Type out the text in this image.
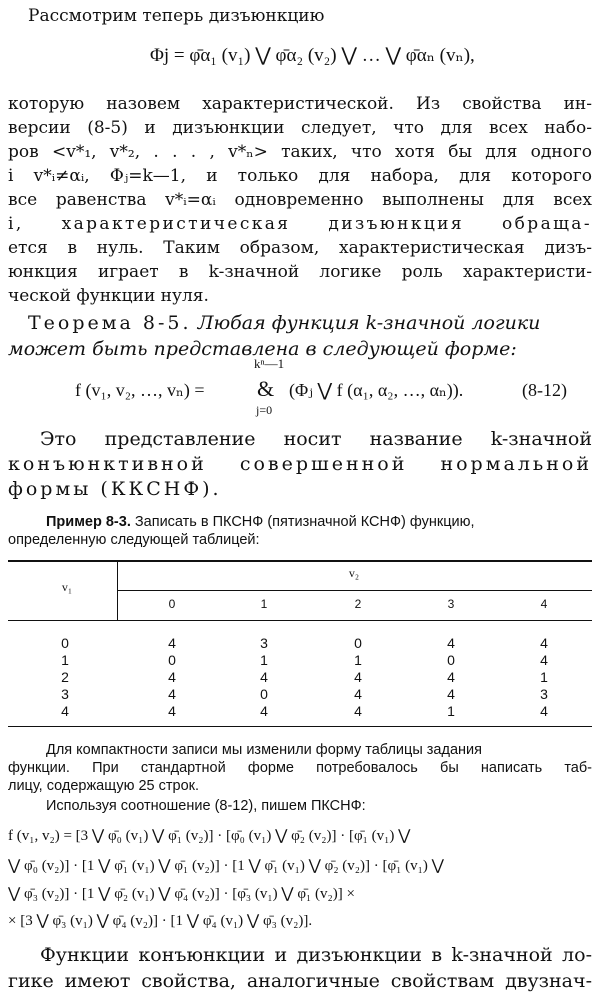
Рассмотрим теперь дизъюнкцию
Φj = φ̄α₁ (v₁) ⋁ φ̄α₂ (v₂) ⋁ … ⋁ φ̄αₙ (vₙ),
которую назовем характеристической. Из свойства ин-
версии (8-5) и дизъюнкции следует, что для всех набо-
ров <v*₁, v*₂, . . . , v*ₙ> таких, что хотя бы для одного
i v*ᵢ≠αᵢ, Φⱼ=k—1, и только для набора, для которого
все равенства v*ᵢ=αᵢ одновременно выполнены для всех
i, характеристическая дизъюнкция обраща-
ется в нуль. Таким образом, характеристическая дизъ-
юнкция играет в k-значной логике роль характеристи-
ческой функции нуля.
Теорема 8-5. Любая функция k-значной логики
может быть представлена в следующей форме:
f (v₁, v₂, …, vₙ) =
kⁿ—1
&
j=0
(Φⱼ ⋁ f (α₁, α₂, …, αₙ)).	(8-12)
Это представление носит название k-значной
конъюнктивной совершенной нормальной
формы (ККСНФ).
Пример 8-3. Записать в ПКСНФ (пятизначной КСНФ) функцию,
определенную следующей таблицей:
v₁
v₂
0	1	2	3	4
0	4	3	0	4	4
1	0	1	1	0	4
2	4	4	4	4	1
3	4	0	4	4	3
4	4	4	4	1	4
Для компактности записи мы изменили форму таблицы задания
функции. При стандартной форме потребовалось бы написать таб-
лицу, содержащую 25 строк.
Используя соотношение (8-12), пишем ПКСНФ:
f (v₁, v₂) = [3 ⋁ φ̄₀ (v₁) ⋁ φ̄₁ (v₂)] · [φ̄₀ (v₁) ⋁ φ̄₂ (v₂)] · [φ̄₁ (v₁) ⋁
⋁ φ̄₀ (v₂)] · [1 ⋁ φ̄₁ (v₁) ⋁ φ̄₁ (v₂)] · [1 ⋁ φ̄₁ (v₁) ⋁ φ̄₂ (v₂)] · [φ̄₁ (v₁) ⋁
⋁ φ̄₃ (v₂)] · [1 ⋁ φ̄₂ (v₁) ⋁ φ̄₄ (v₂)] · [φ̄₃ (v₁) ⋁ φ̄₁ (v₂)] ×
× [3 ⋁ φ̄₃ (v₁) ⋁ φ̄₄ (v₂)] · [1 ⋁ φ̄₄ (v₁) ⋁ φ̄₃ (v₂)].
Функции конъюнкции и дизъюнкции в k-значной ло-
гике имеют свойства, аналогичные свойствам двузнач-
